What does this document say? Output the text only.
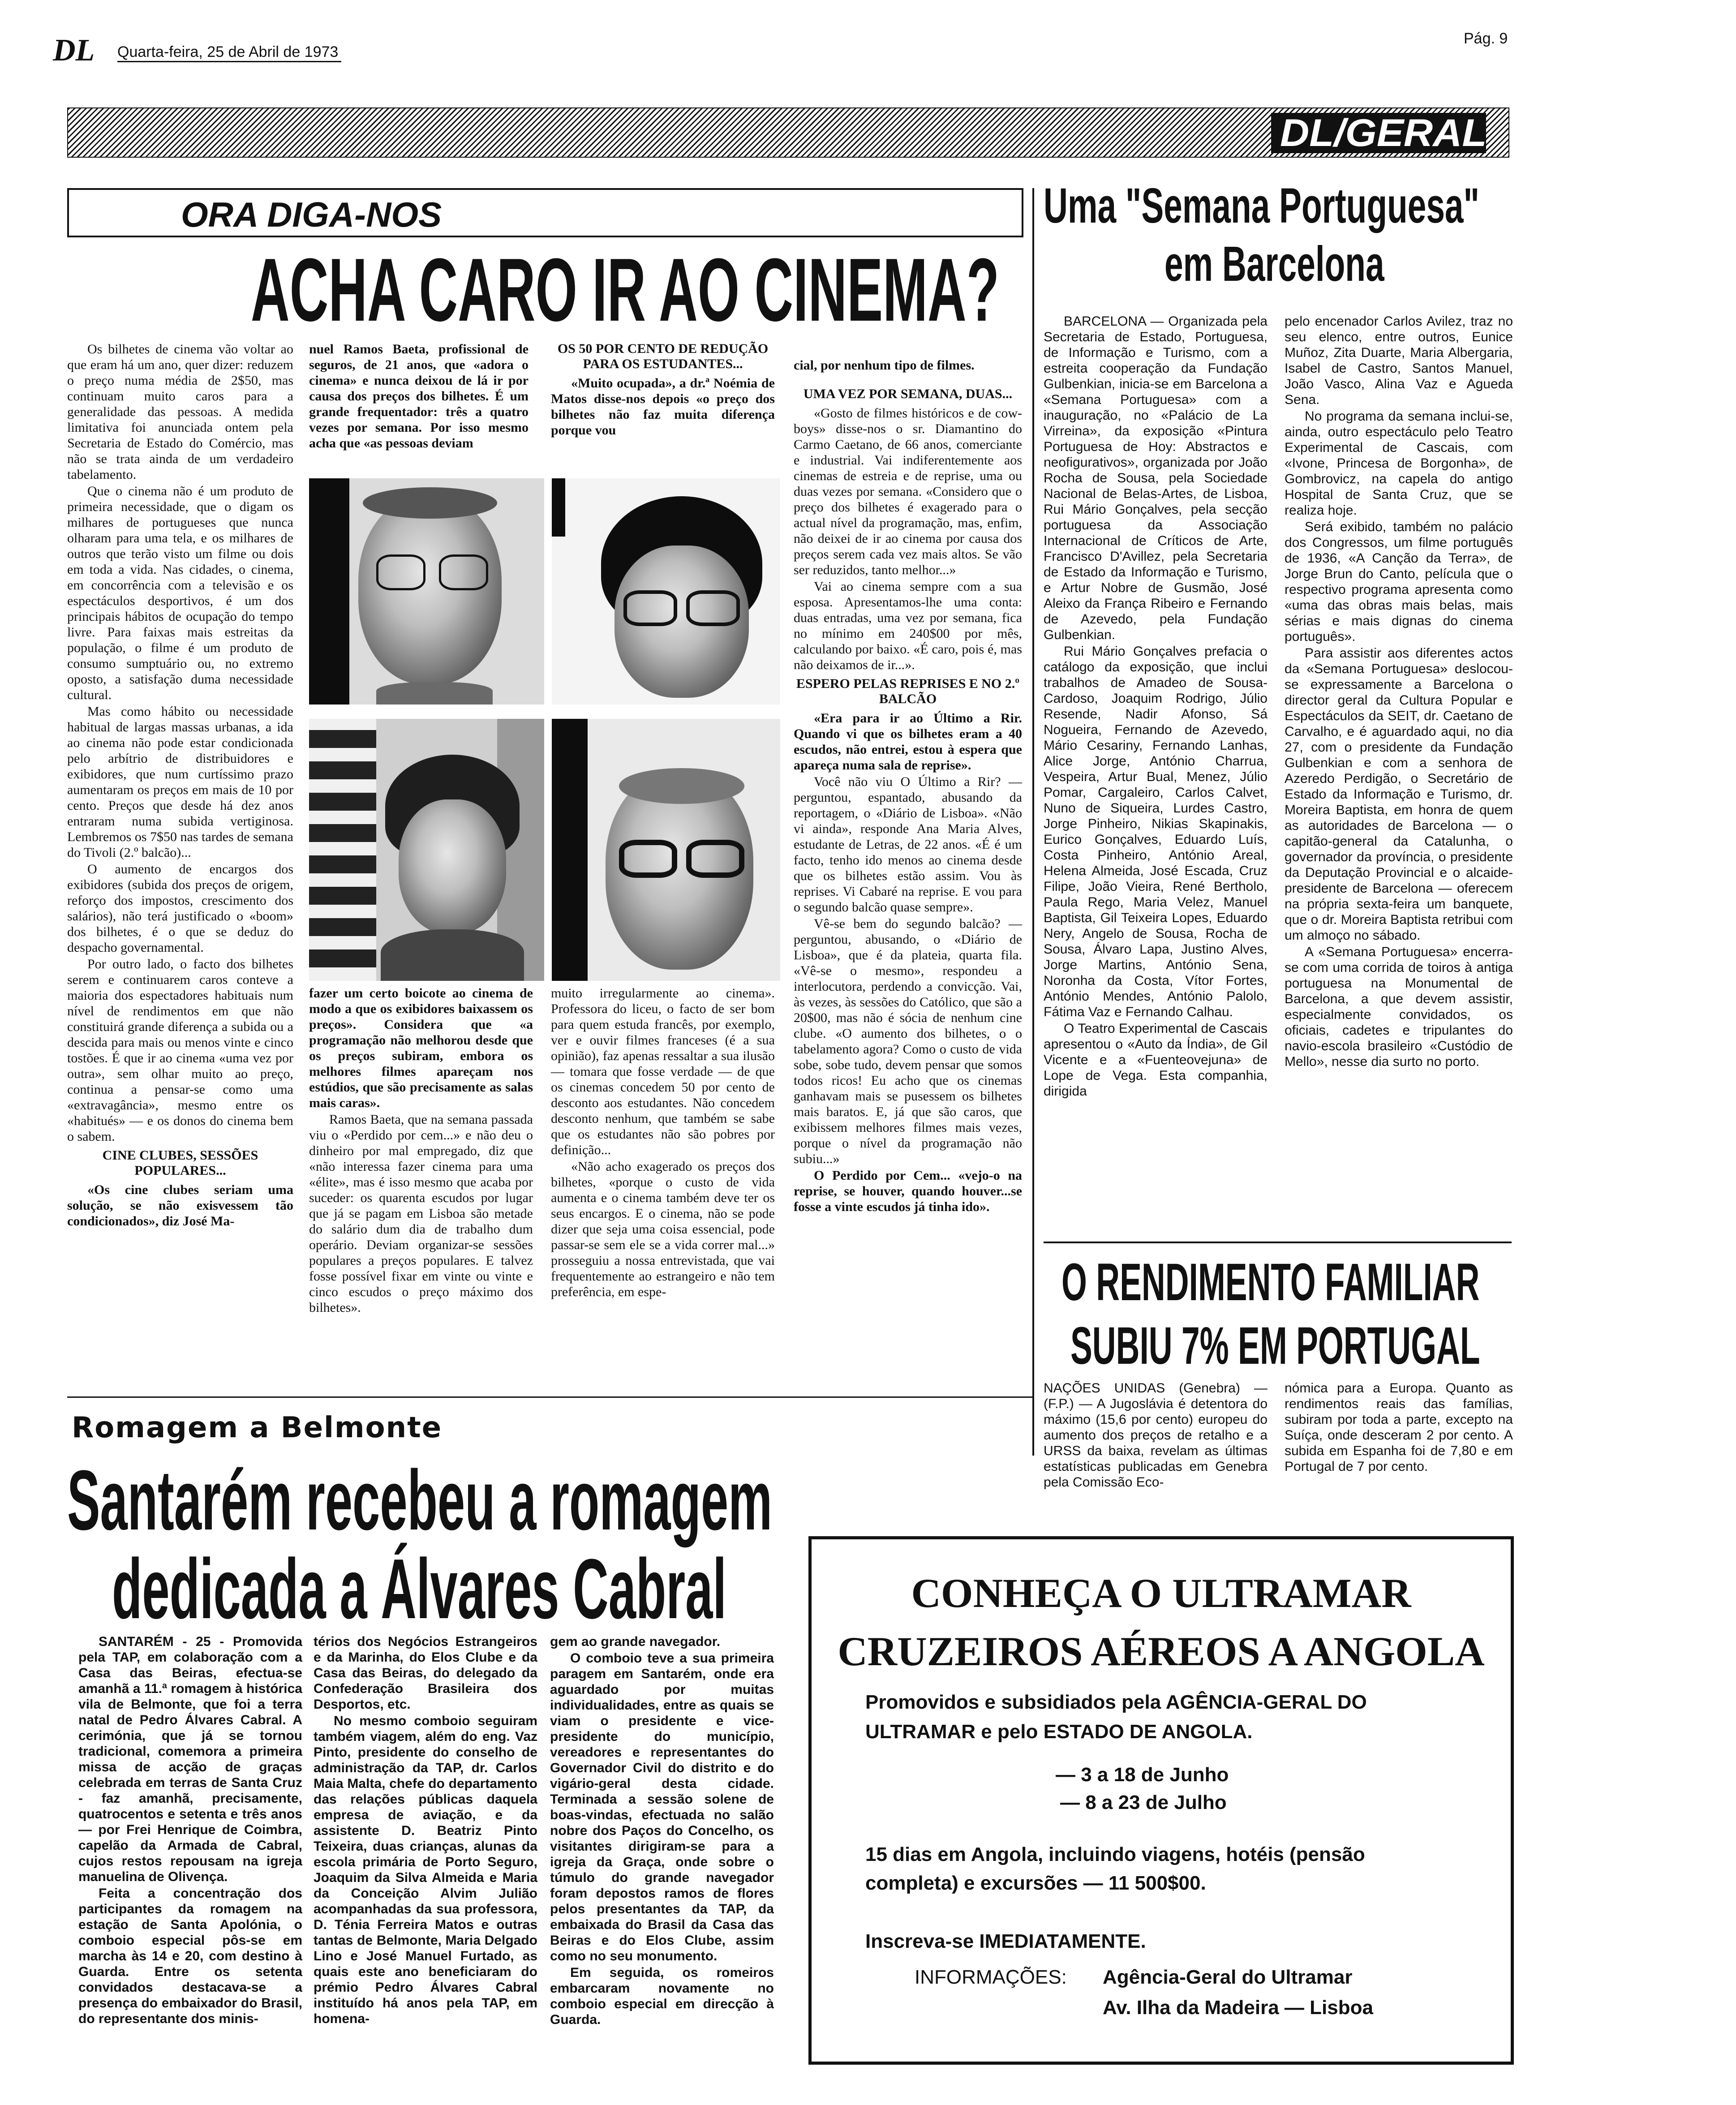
DL Quarta-feira, 25 de Abril de 1973
Pág. 9
DL/GERAL
ORA DIGA-NOS
ACHA CARO IR AO CINEMA?

Os bilhetes de cinema vão voltar ao que eram há um ano, quer dizer: reduzem o preço numa média de 2$50, mas continuam muito caros para a generalidade das pessoas. A medida limitativa foi anunciada ontem pela Secretaria de Estado do Comércio, mas não se trata ainda de um verdadeiro tabelamento.

Que o cinema não é um produto de primeira necessidade, que o digam os milhares de portugueses que nunca olharam para uma tela, e os milhares de outros que terão visto um filme ou dois em toda a vida. Nas cidades, o cinema, em concorrência com a televisão e os espectáculos desportivos, é um dos principais hábitos de ocupação do tempo livre. Para faixas mais estreitas da população, o filme é um produto de consumo sumptuário ou, no extremo oposto, a satisfação duma necessidade cultural.

Mas como hábito ou necessidade habitual de largas massas urbanas, a ida ao cinema não pode estar condicionada pelo arbítrio de distribuidores e exibidores, que num curtíssimo prazo aumentaram os preços em mais de 10 por cento. Preços que desde há dez anos entraram numa subida vertiginosa. Lembremos os 7$50 nas tardes de semana do Tivoli (2.º balcão)...

O aumento de encargos dos exibidores (subida dos preços de origem, reforço dos impostos, crescimento dos salários), não terá justificado o «boom» dos bilhetes, é o que se deduz do despacho governamental.

Por outro lado, o facto dos bilhetes serem e continuarem caros conteve a maioria dos espectadores habituais num nível de rendimentos em que não constituirá grande diferença a subida ou a descida para mais ou menos vinte e cinco tostões. É que ir ao cinema «uma vez por outra», sem olhar muito ao preço, continua a pensar-se como uma «extravagância», mesmo entre os «habitués» — e os donos do cinema bem o sabem.

CINE CLUBES, SESSÕES POPULARES...

«Os cine clubes seriam uma solução, se não exisvessem tão condicionados», diz José Ma-

nuel Ramos Baeta, profissional de seguros, de 21 anos, que «adora o cinema» e nunca deixou de lá ir por causa dos preços dos bilhetes. É um grande frequentador: três a quatro vezes por semana. Por isso mesmo acha que «as pessoas deviam

OS 50 POR CENTO DE REDUÇÃO PARA OS ESTUDANTES...

«Muito ocupada», a dr.ª Noémia de Matos disse-nos depois «o preço dos bilhetes não faz muita diferença porque vou

fazer um certo boicote ao cinema de modo a que os exibidores baixassem os preços». Considera que «a programação não melhorou desde que os preços subiram, embora os melhores filmes apareçam nos estúdios, que são precisamente as salas mais caras».

Ramos Baeta, que na semana passada viu o «Perdido por cem...» e não deu o dinheiro por mal empregado, diz que «não interessa fazer cinema para uma «élite», mas é isso mesmo que acaba por suceder: os quarenta escudos por lugar que já se pagam em Lisboa são metade do salário dum dia de trabalho dum operário. Deviam organizar-se sessões populares a preços populares. E talvez fosse possível fixar em vinte ou vinte e cinco escudos o preço máximo dos bilhetes».

muito irregularmente ao cinema». Professora do liceu, o facto de ser bom para quem estuda francês, por exemplo, ver e ouvir filmes franceses (é a sua opinião), faz apenas ressaltar a sua ilusão — tomara que fosse verdade — de que os cinemas concedem 50 por cento de desconto aos estudantes. Não concedem desconto nenhum, que também se sabe que os estudantes não são pobres por definição...

«Não acho exagerado os preços dos bilhetes, «porque o custo de vida aumenta e o cinema também deve ter os seus encargos. E o cinema, não se pode dizer que seja uma coisa essencial, pode passar-se sem ele se a vida correr mal...» prosseguiu a nossa entrevistada, que vai frequentemente ao estrangeiro e não tem preferência, em espe-

cial, por nenhum tipo de filmes.

UMA VEZ POR SEMANA, DUAS...

«Gosto de filmes históricos e de cow-boys» disse-nos o sr. Diamantino do Carmo Caetano, de 66 anos, comerciante e industrial. Vai indiferentemente aos cinemas de estreia e de reprise, uma ou duas vezes por semana. «Considero que o preço dos bilhetes é exagerado para o actual nível da programação, mas, enfim, não deixei de ir ao cinema por causa dos preços serem cada vez mais altos. Se vão ser reduzidos, tanto melhor...»

Vai ao cinema sempre com a sua esposa. Apresentamos-lhe uma conta: duas entradas, uma vez por semana, fica no mínimo em 240$00 por mês, calculando por baixo. «É caro, pois é, mas não deixamos de ir...».

ESPERO PELAS REPRISES E NO 2.º BALCÃO

«Era para ir ao Último a Rir. Quando vi que os bilhetes eram a 40 escudos, não entrei, estou à espera que apareça numa sala de reprise».

Você não viu O Último a Rir? — perguntou, espantado, abusando da reportagem, o «Diário de Lisboa». «Não vi ainda», responde Ana Maria Alves, estudante de Letras, de 22 anos. «É é um facto, tenho ido menos ao cinema desde que os bilhetes estão assim. Vou às reprises. Vi Cabaré na reprise. E vou para o segundo balcão quase sempre».

Vê-se bem do segundo balcão? — perguntou, abusando, o «Diário de Lisboa», que é da plateia, quarta fila. «Vê-se o mesmo», respondeu a interlocutora, perdendo a convicção. Vai, às vezes, às sessões do Católico, que são a 20$00, mas não é sócia de nenhum cine clube. «O aumento dos bilhetes, o o tabelamento agora? Como o custo de vida sobe, sobe tudo, devem pensar que somos todos ricos! Eu acho que os cinemas ganhavam mais se pusessem os bilhetes mais baratos. E, já que são caros, que exibissem melhores filmes mais vezes, porque o nível da programação não subiu...»

O Perdido por Cem... «vejo-o na reprise, se houver, quando houver...se fosse a vinte escudos já tinha ido».

Uma "Semana Portuguesa"
em Barcelona

BARCELONA — Organizada pela Secretaria de Estado, Portuguesa, de Informação e Turismo, com a estreita cooperação da Fundação Gulbenkian, inicia-se em Barcelona a «Semana Portuguesa» com a inauguração, no «Palácio de La Virreina», da exposição «Pintura Portuguesa de Hoy: Abstractos e neofigurativos», organizada por João Rocha de Sousa, pela Sociedade Nacional de Belas-Artes, de Lisboa, Rui Mário Gonçalves, pela secção portuguesa da Associação Internacional de Críticos de Arte, Francisco D'Avillez, pela Secretaria de Estado da Informação e Turismo, e Artur Nobre de Gusmão, José Aleixo da França Ribeiro e Fernando de Azevedo, pela Fundação Gulbenkian.

Rui Mário Gonçalves prefacia o catálogo da exposição, que inclui trabalhos de Amadeo de Sousa-Cardoso, Joaquim Rodrigo, Júlio Resende, Nadir Afonso, Sá Nogueira, Fernando de Azevedo, Mário Cesariny, Fernando Lanhas, Alice Jorge, António Charrua, Vespeira, Artur Bual, Menez, Júlio Pomar, Cargaleiro, Carlos Calvet, Nuno de Siqueira, Lurdes Castro, Jorge Pinheiro, Nikias Skapinakis, Eurico Gonçalves, Eduardo Luís, Costa Pinheiro, António Areal, Helena Almeida, José Escada, Cruz Filipe, João Vieira, René Bertholo, Paula Rego, Maria Velez, Manuel Baptista, Gil Teixeira Lopes, Eduardo Nery, Angelo de Sousa, Rocha de Sousa, Álvaro Lapa, Justino Alves, Jorge Martins, António Sena, Noronha da Costa, Vítor Fortes, António Mendes, António Palolo, Fátima Vaz e Fernando Calhau.

O Teatro Experimental de Cascais apresentou o «Auto da Índia», de Gil Vicente e a «Fuenteovejuna» de Lope de Vega. Esta companhia, dirigida

pelo encenador Carlos Avilez, traz no seu elenco, entre outros, Eunice Muñoz, Zita Duarte, Maria Albergaria, Isabel de Castro, Santos Manuel, João Vasco, Alina Vaz e Agueda Sena.

No programa da semana inclui-se, ainda, outro espectáculo pelo Teatro Experimental de Cascais, com «Ivone, Princesa de Borgonha», de Gombrovicz, na capela do antigo Hospital de Santa Cruz, que se realiza hoje.

Será exibido, também no palácio dos Congressos, um filme português de 1936, «A Canção da Terra», de Jorge Brun do Canto, película que o respectivo programa apresenta como «uma das obras mais belas, mais sérias e mais dignas do cinema português».

Para assistir aos diferentes actos da «Semana Portuguesa» deslocou-se expressamente a Barcelona o director geral da Cultura Popular e Espectáculos da SEIT, dr. Caetano de Carvalho, e é aguardado aqui, no dia 27, com o presidente da Fundação Gulbenkian e com a senhora de Azeredo Perdigão, o Secretário de Estado da Informação e Turismo, dr. Moreira Baptista, em honra de quem as autoridades de Barcelona — o capitão-general da Catalunha, o governador da província, o presidente da Deputação Provincial e o alcaide-presidente de Barcelona — oferecem na própria sexta-feira um banquete, que o dr. Moreira Baptista retribui com um almoço no sábado.

A «Semana Portuguesa» encerra-se com uma corrida de toiros à antiga portuguesa na Monumental de Barcelona, a que devem assistir, especialmente convidados, os oficiais, cadetes e tripulantes do navio-escola brasileiro «Custódio de Mello», nesse dia surto no porto.

O RENDIMENTO FAMILIAR
SUBIU 7% EM PORTUGAL

NAÇÕES UNIDAS (Genebra) — (F.P.) — A Jugoslávia é detentora do máximo (15,6 por cento) europeu do aumento dos preços de retalho e a URSS da baixa, revelam as últimas estatísticas publicadas em Genebra pela Comissão Eco-

nómica para a Europa. Quanto as rendimentos reais das famílias, subiram por toda a parte, excepto na Suíça, onde desceram 2 por cento. A subida em Espanha foi de 7,80 e em Portugal de 7 por cento.

Romagem a Belmonte
Santarém recebeu a romagem
dedicada a Álvares Cabral

SANTARÉM - 25 - Promovida pela TAP, em colaboração com a Casa das Beiras, efectua-se amanhã a 11.ª romagem à histórica vila de Belmonte, que foi a terra natal de Pedro Álvares Cabral. A cerimónia, que já se tornou tradicional, comemora a primeira missa de acção de graças celebrada em terras de Santa Cruz - faz amanhã, precisamente, quatrocentos e setenta e três anos — por Frei Henrique de Coimbra, capelão da Armada de Cabral, cujos restos repousam na igreja manuelina de Olivença.

Feita a concentração dos participantes da romagem na estação de Santa Apolónia, o comboio especial pôs-se em marcha às 14 e 20, com destino à Guarda. Entre os setenta convidados destacava-se a presença do embaixador do Brasil, do representante dos minis-

térios dos Negócios Estrangeiros e da Marinha, do Elos Clube e da Casa das Beiras, do delegado da Confederação Brasileira dos Desportos, etc.

No mesmo comboio seguiram também viagem, além do eng. Vaz Pinto, presidente do conselho de administração da TAP, dr. Carlos Maia Malta, chefe do departamento das relações públicas daquela empresa de aviação, e da assistente D. Beatriz Pinto Teixeira, duas crianças, alunas da escola primária de Porto Seguro, Joaquim da Silva Almeida e Maria da Conceição Alvim Julião acompanhadas da sua professora, D. Ténia Ferreira Matos e outras tantas de Belmonte, Maria Delgado Lino e José Manuel Furtado, as quais este ano beneficiaram do prémio Pedro Álvares Cabral instituído há anos pela TAP, em homena-

gem ao grande navegador.

O comboio teve a sua primeira paragem em Santarém, onde era aguardado por muitas individualidades, entre as quais se viam o presidente e vice-presidente do município, vereadores e representantes do Governador Civil do distrito e do vigário-geral desta cidade. Terminada a sessão solene de boas-vindas, efectuada no salão nobre dos Paços do Concelho, os visitantes dirigiram-se para a igreja da Graça, onde sobre o túmulo do grande navegador foram depostos ramos de flores pelos presentantes da TAP, da embaixada do Brasil da Casa das Beiras e do Elos Clube, assim como no seu monumento.

Em seguida, os romeiros embarcaram novamente no comboio especial em direcção à Guarda.

CONHEÇA O ULTRAMAR
CRUZEIROS AÉREOS A ANGOLA
Promovidos e subsidiados pela AGÊNCIA-GERAL DO
ULTRAMAR e pelo ESTADO DE ANGOLA.
— 3 a 18 de Junho
— 8 a 23 de Julho
15 dias em Angola, incluindo viagens, hotéis (pensão
completa) e excursões — 11 500$00.
Inscreva-se IMEDIATAMENTE.
INFORMAÇÕES: Agência-Geral do Ultramar
Av. Ilha da Madeira — Lisboa
